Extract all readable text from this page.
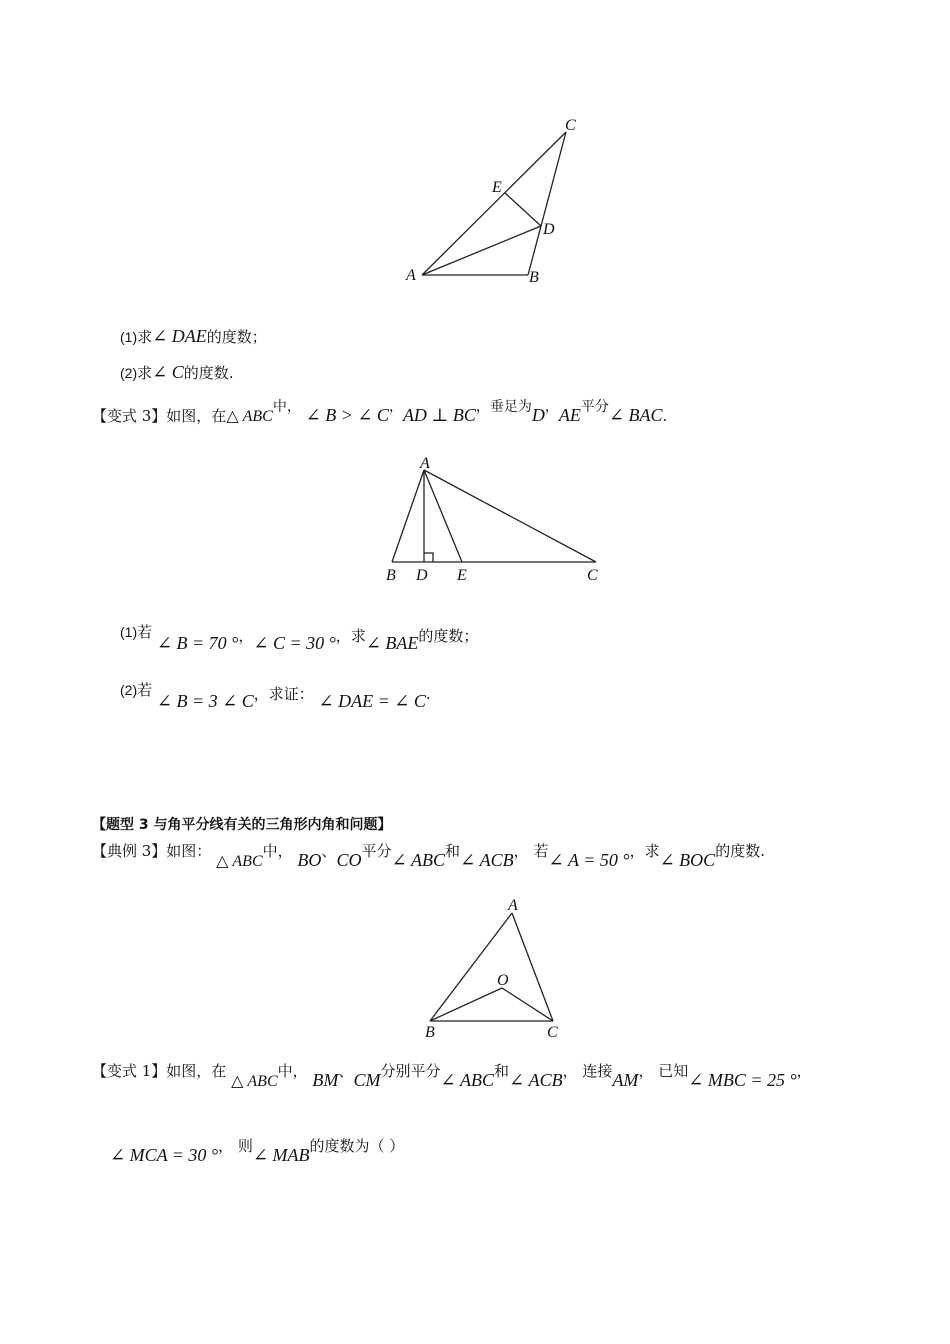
A	B
C
D
E
(1)求∠ DAE的度数；
(2)求∠ C的度数.
【变式 3】如图，在△ ABC中， ∠ B > ∠ C，AD ⊥ BC，垂足为D，AE平分∠ BAC.
A
B D E	C
(1)若 ∠ B = 70 °，∠ C = 30 °，求∠ BAE的度数；
(2)若 ∠ B = 3 ∠ C，求证： ∠ DAE = ∠ C.
【题型 3 与角平分线有关的三角形内角和问题】
【典例 3】如图： △ ABC中， BO、CO平分∠ ABC和∠ ACB， 若∠ A = 50 °，求∠ BOC的度数.
A
O
B	C
【变式 1】如图，在 △ ABC中， BM、CM分别平分∠ ABC和∠ ACB， 连接AM， 已知∠ MBC = 25 °，
∠ MCA = 30 °， 则∠ MAB的度数为（ ）
